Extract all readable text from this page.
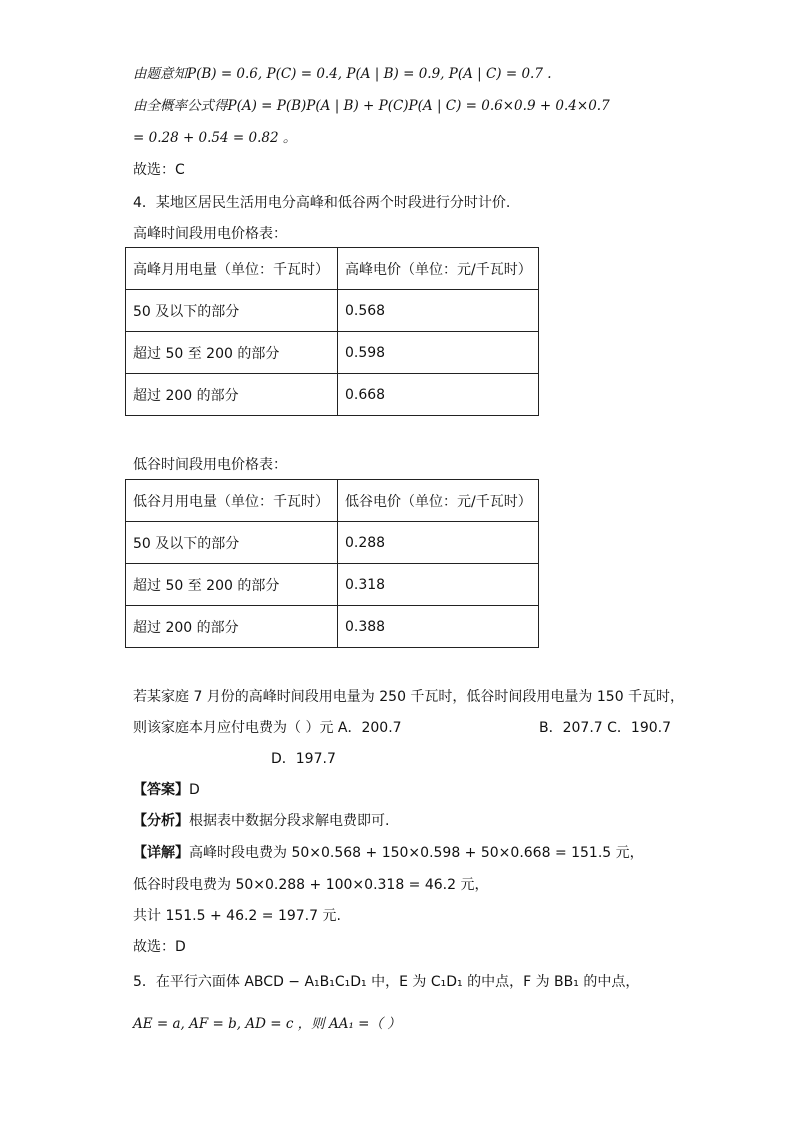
由题意知P(B) = 0.6, P(C) = 0.4, P(A | B) = 0.9, P(A | C) = 0.7 .
由全概率公式得P(A) = P(B)P(A | B) + P(C)P(A | C) = 0.6×0.9 + 0.4×0.7
= 0.28 + 0.54 = 0.82 。
故选：C
4．某地区居民生活用电分高峰和低谷两个时段进行分时计价.
高峰时间段用电价格表：
高峰月用电量（单位：千瓦时）	高峰电价（单位：元/千瓦时）
50 及以下的部分	0.568
超过 50 至 200 的部分	0.598
超过 200 的部分	0.668
低谷时间段用电价格表：
低谷月用电量（单位：千瓦时）	低谷电价（单位：元/千瓦时）
50 及以下的部分	0.288
超过 50 至 200 的部分	0.318
超过 200 的部分	0.388
若某家庭 7 月份的高峰时间段用电量为 250 千瓦时，低谷时间段用电量为 150 千瓦时，
则该家庭本月应付电费为（ ）元 A．200.7	B．207.7 C．190.7
D．197.7
【答案】D
【分析】根据表中数据分段求解电费即可.
【详解】高峰时段电费为 50×0.568 + 150×0.598 + 50×0.668 = 151.5 元，
低谷时段电费为 50×0.288 + 100×0.318 = 46.2 元，
共计 151.5 + 46.2 = 197.7 元.
故选：D
5．在平行六面体 ABCD − A₁B₁C₁D₁ 中，E 为 C₁D₁ 的中点，F 为 BB₁ 的中点，
AE = a, AF = b, AD = c ，则 AA₁ =（ ）
